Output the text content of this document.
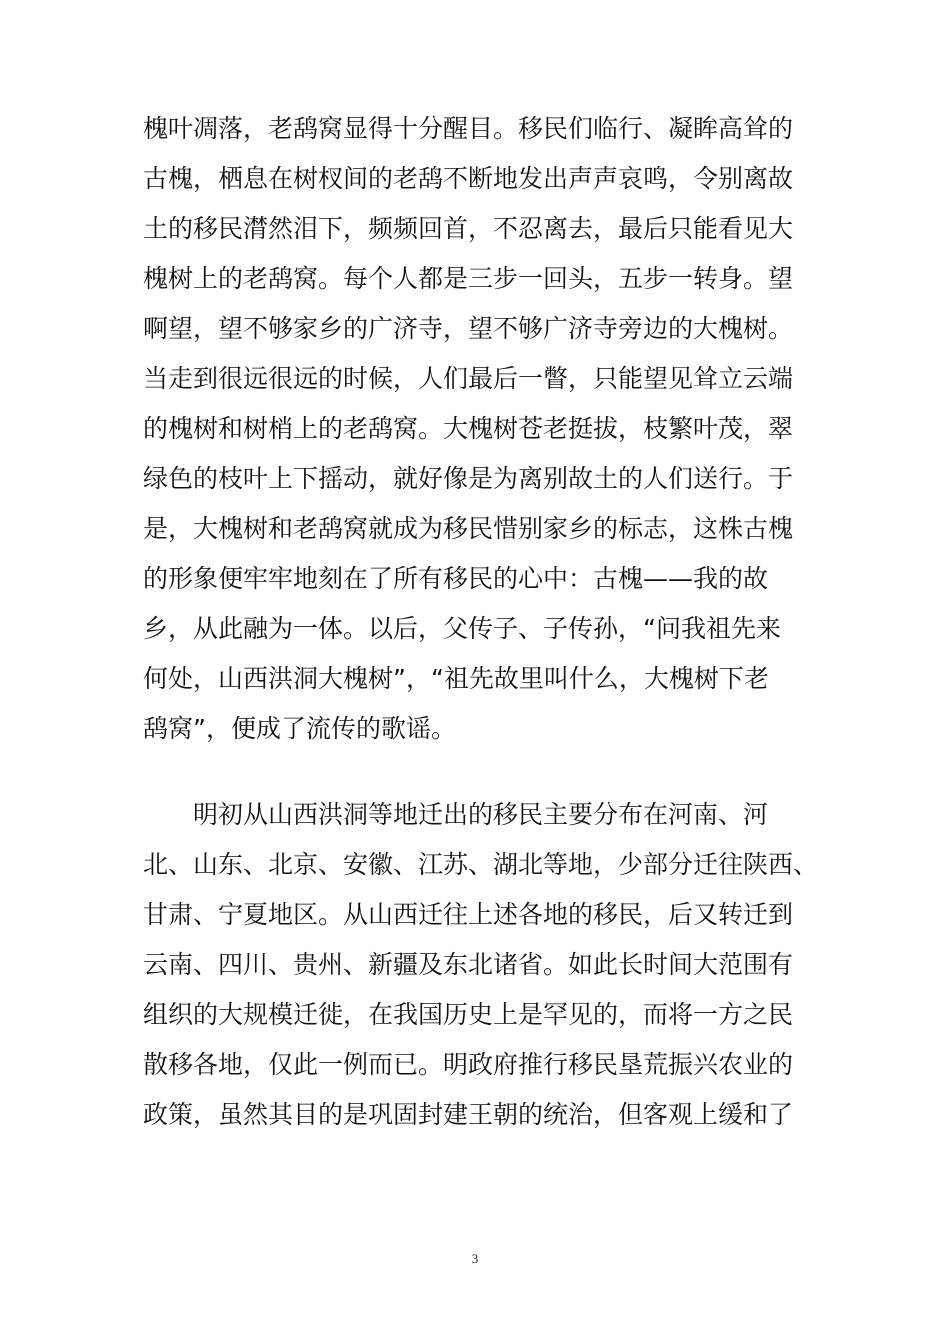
槐叶凋落，老鸹窝显得十分醒目。移民们临行、凝眸高耸的
古槐，栖息在树杈间的老鸹不断地发出声声哀鸣，令别离故
土的移民潸然泪下，频频回首，不忍离去，最后只能看见大
槐树上的老鸹窝。每个人都是三步一回头，五步一转身。望
啊望，望不够家乡的广济寺，望不够广济寺旁边的大槐树。
当走到很远很远的时候，人们最后一瞥，只能望见耸立云端
的槐树和树梢上的老鸹窝。大槐树苍老挺拔，枝繁叶茂，翠
绿色的枝叶上下摇动，就好像是为离别故土的人们送行。于
是，大槐树和老鸹窝就成为移民惜别家乡的标志，这株古槐
的形象便牢牢地刻在了所有移民的心中：古槐——我的故
乡，从此融为一体。以后，父传子、子传孙，“问我祖先来
何处，山西洪洞大槐树”，“祖先故里叫什么，大槐树下老
鸹窝”，便成了流传的歌谣。

明初从山西洪洞等地迁出的移民主要分布在河南、河
北、山东、北京、安徽、江苏、湖北等地，少部分迁往陕西、
甘肃、宁夏地区。从山西迁往上述各地的移民，后又转迁到
云南、四川、贵州、新疆及东北诸省。如此长时间大范围有
组织的大规模迁徙，在我国历史上是罕见的，而将一方之民
散移各地，仅此一例而已。明政府推行移民垦荒振兴农业的
政策，虽然其目的是巩固封建王朝的统治，但客观上缓和了

3
